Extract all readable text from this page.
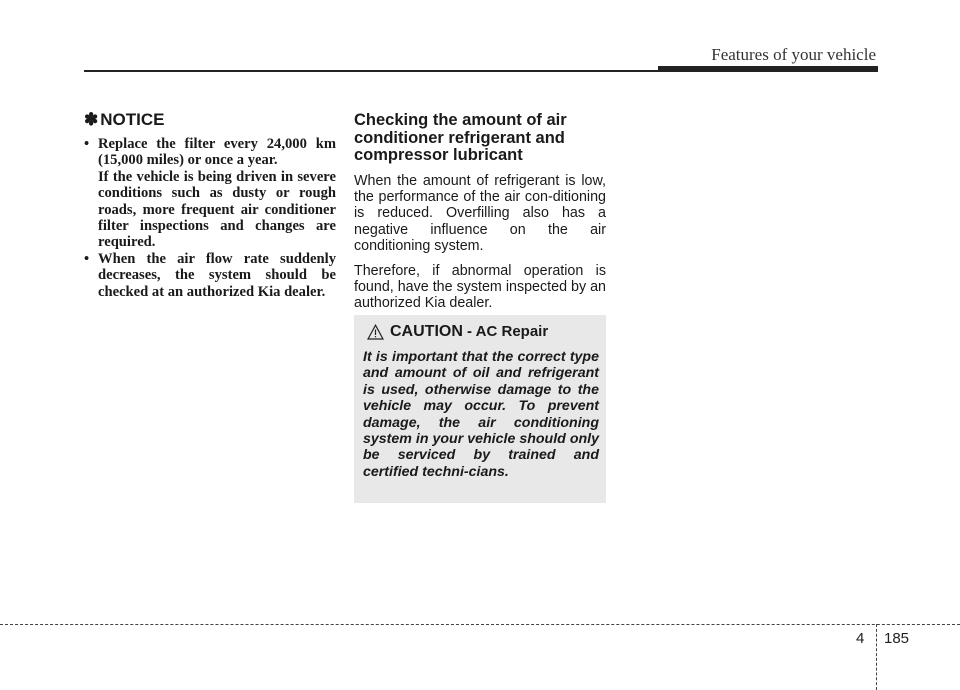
Features of your vehicle
✽ NOTICE
• Replace the filter every 24,000 km (15,000 miles) or once a year.
If the vehicle is being driven in severe conditions such as dusty or rough roads, more frequent air conditioner filter inspections and changes are required.
• When the air flow rate suddenly decreases, the system should be checked at an authorized Kia dealer.
Checking the amount of air conditioner refrigerant and compressor lubricant

When the amount of refrigerant is low, the performance of the air con-ditioning is reduced. Overfilling also has a negative influence on the air conditioning system.

Therefore, if abnormal operation is found, have the system inspected by an authorized Kia dealer.

CAUTION - AC Repair

It is important that the correct type and amount of oil and refrigerant is used, otherwise damage to the vehicle may occur. To prevent damage, the air conditioning system in your vehicle should only be serviced by trained and certified techni-cians.

4 185
